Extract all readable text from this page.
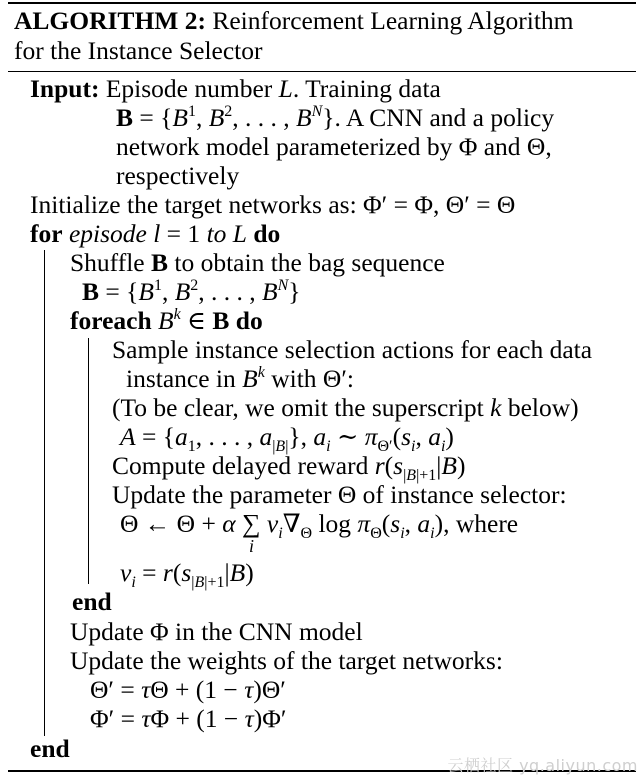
ALGORITHM 2: Reinforcement Learning Algorithm
for the Instance Selector
Input: Episode number L. Training data
$B = \{B^1$, $B^2$, . . . , $B^N$}. A CNN and a policy
network model parameterized by Φ and Θ,
respectively
Initialize the target networks as: Φ′ = Φ, Θ′ = Θ
for episode l = 1 to L do
Shuffle B to obtain the bag sequence
$B = \{B^1$, $B^2$, . . . , $B^N$}
foreach $B^k$ ∈ B do
Sample instance selection actions for each data
instance in $B^k$ with Θ′:
(To be clear, we omit the superscript k below)
$A = \{a_1$, . . . , $a_{|B|}$}, $a_i$ ∼ $\pi_{\Theta'}(s_i$, $a_i$)
Compute delayed reward $r(s_{|B|+1}|B)$
Update the parameter Θ of instance selector:
Θ ← Θ + α ∑
i
$v_i\nabla_\Theta$ $\log \pi_\Theta(s_i$, $a_i$), where
$v_i = r(s_{|B|+1}|B)$
end
Update Φ in the CNN model
Update the weights of the target networks:
Θ′ = τΘ + (1 − τ)Θ′
Φ′ = τΦ + (1 − τ)Φ′
end
云栖社区 yq.aliyun.com
